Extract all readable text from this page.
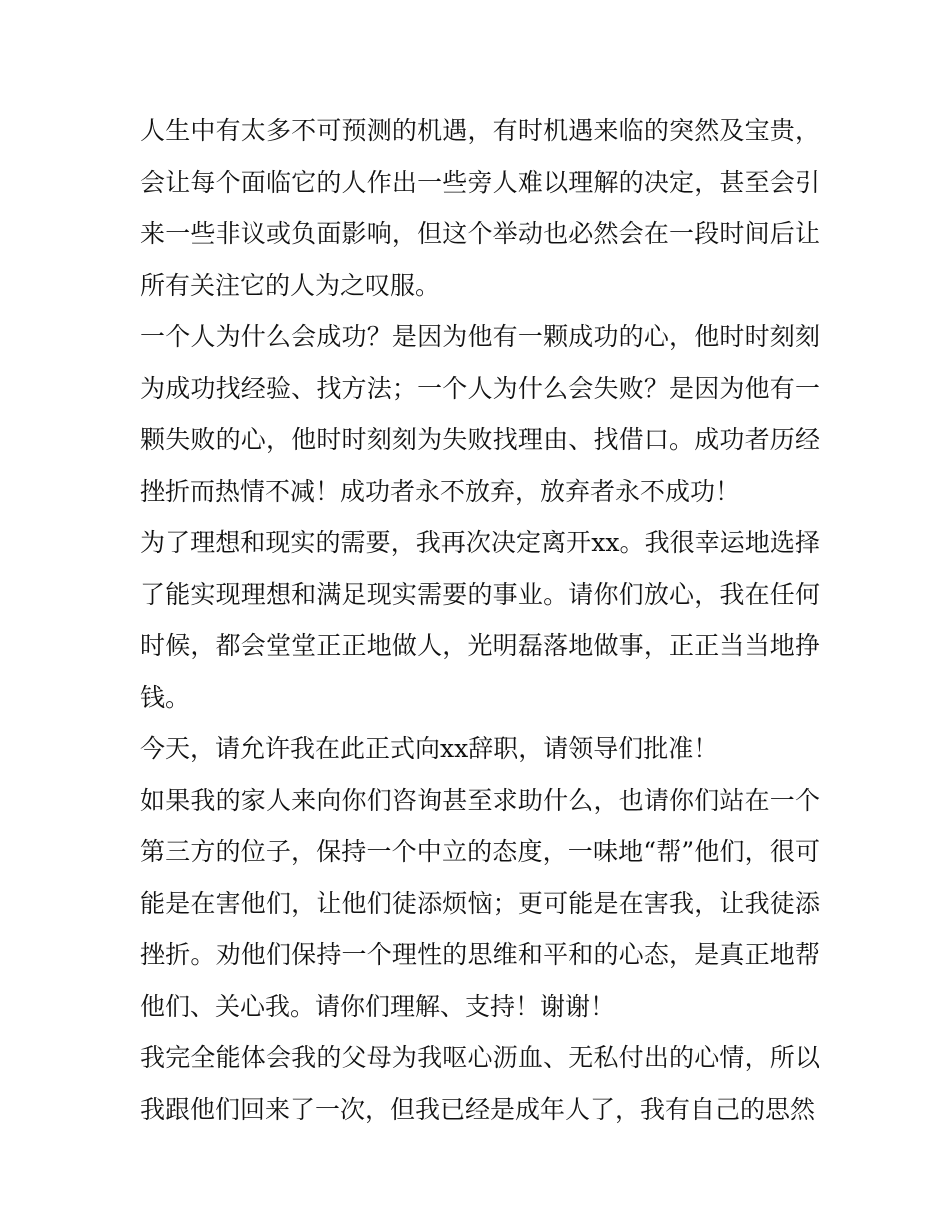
人生中有太多不可预测的机遇，有时机遇来临的突然及宝贵，会让每个面临它的人作出一些旁人难以理解的决定，甚至会引来一些非议或负面影响，但这个举动也必然会在一段时间后让所有关注它的人为之叹服。

一个人为什么会成功？是因为他有一颗成功的心，他时时刻刻为成功找经验、找方法；一个人为什么会失败？是因为他有一颗失败的心，他时时刻刻为失败找理由、找借口。成功者历经挫折而热情不减！成功者永不放弃，放弃者永不成功！

为了理想和现实的需要，我再次决定离开xx。我很幸运地选择了能实现理想和满足现实需要的事业。请你们放心，我在任何时候，都会堂堂正正地做人，光明磊落地做事，正正当当地挣钱。

今天，请允许我在此正式向xx辞职，请领导们批准！

如果我的家人来向你们咨询甚至求助什么，也请你们站在一个第三方的位子，保持一个中立的态度，一味地“帮”他们，很可能是在害他们，让他们徒添烦恼；更可能是在害我，让我徒添挫折。劝他们保持一个理性的思维和平和的心态，是真正地帮他们、关心我。请你们理解、支持！谢谢！

我完全能体会我的父母为我呕心沥血、无私付出的心情，所以我跟他们回来了一次，但我已经是成年人了，我有自己的思然
